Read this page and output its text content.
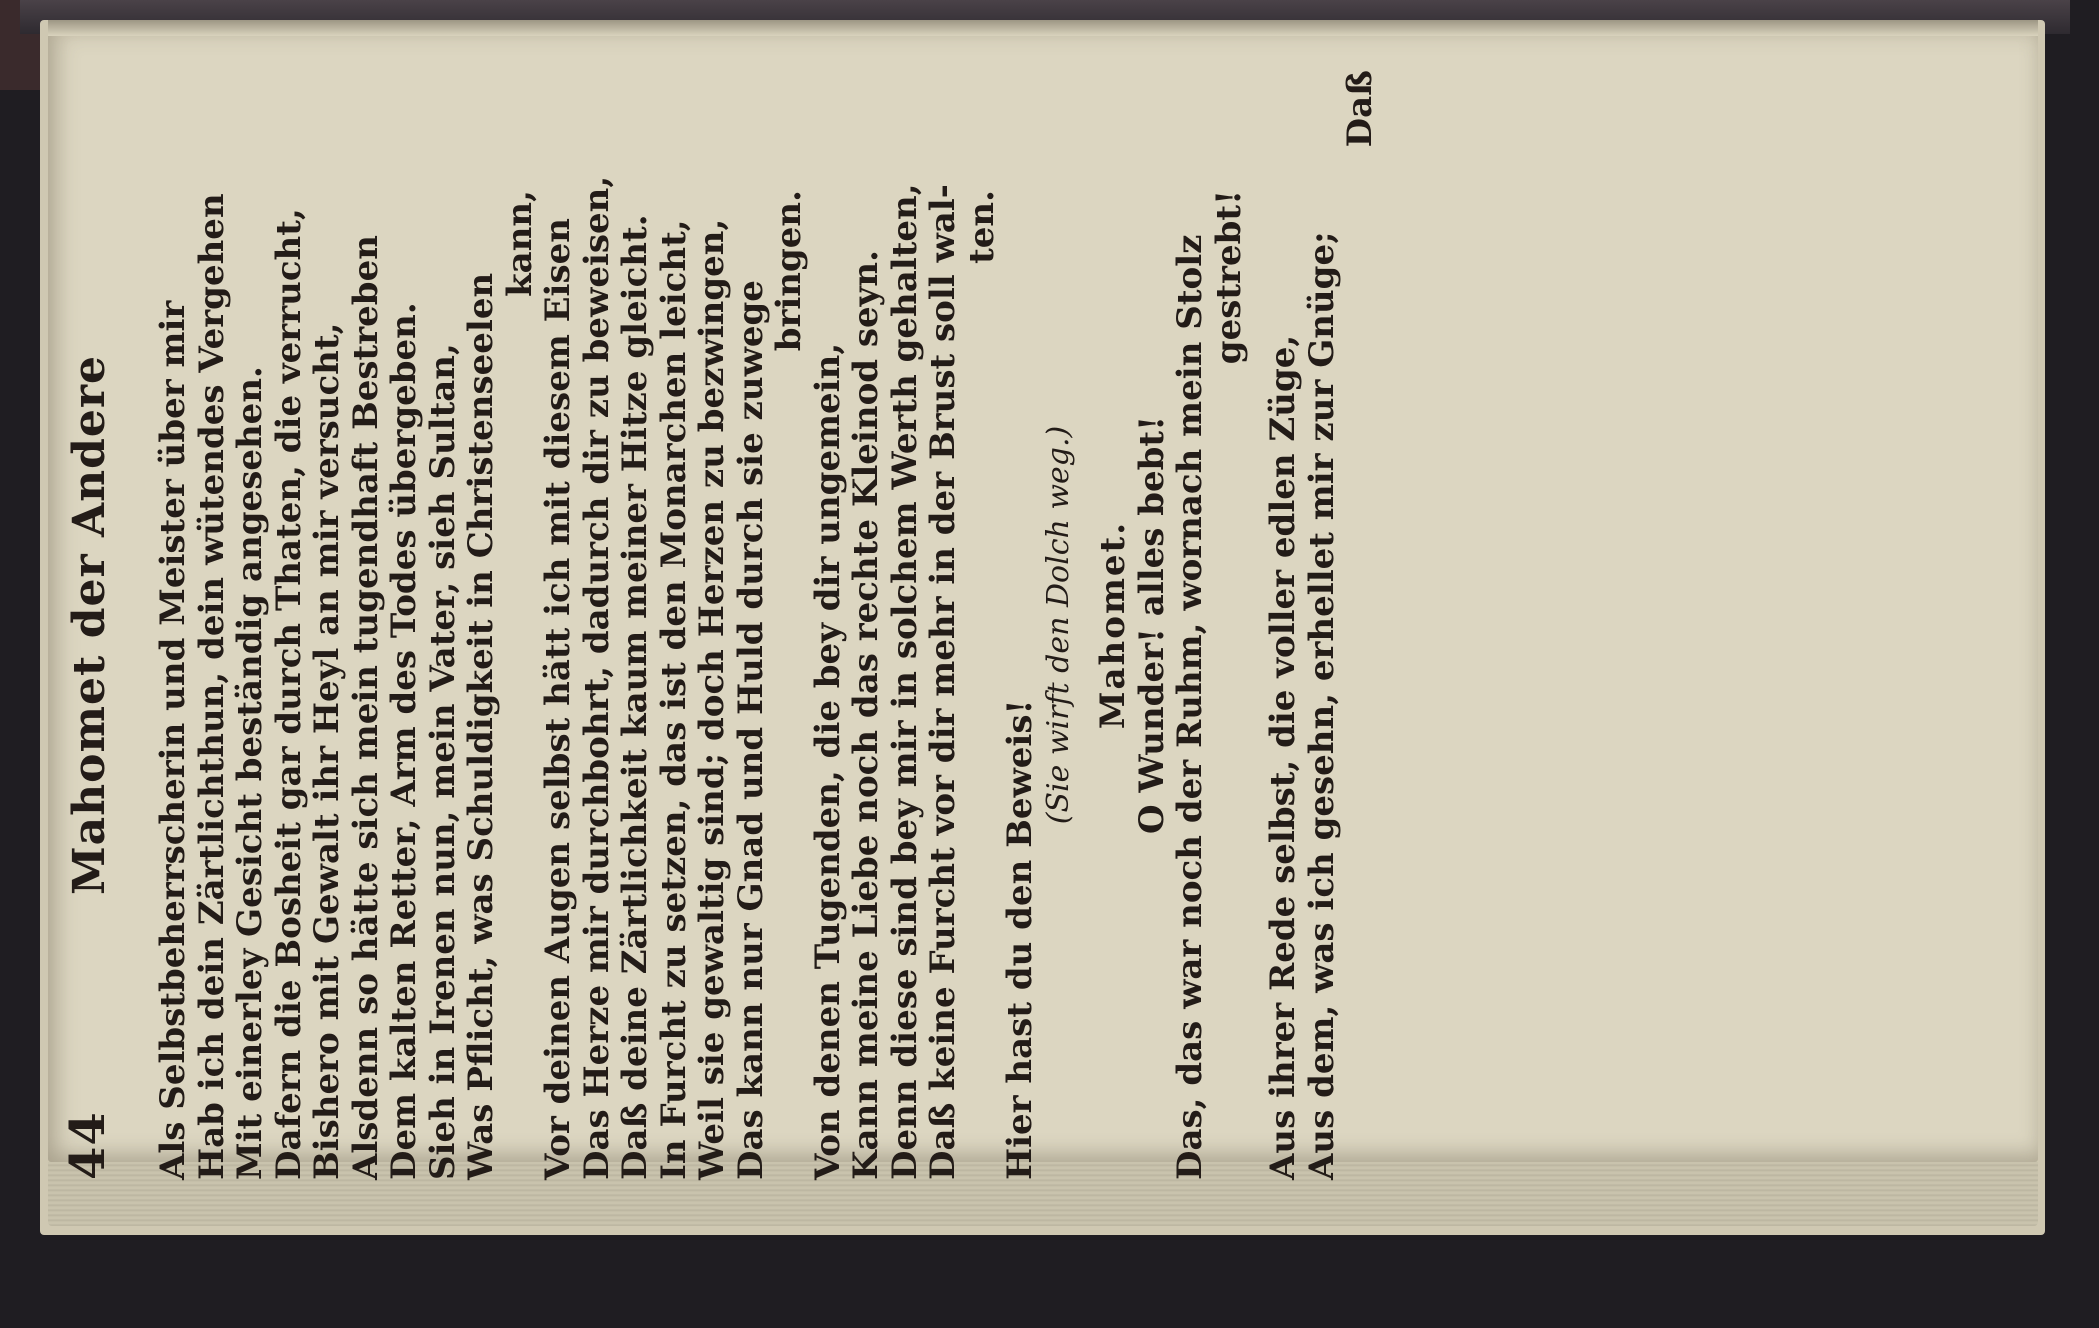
44
Mahomet der Andere Als Selbstbeherrscherin und Meister über mir
Hab ich dein Zärtlichthun, dein wütendes Vergehen
Mit einerley Gesicht beständig angesehen.
Dafern die Bosheit gar durch Thaten, die verrucht,
Bishero mit Gewalt ihr Heyl an mir versucht,
Alsdenn so hätte sich mein tugendhaft Bestreben
Dem kalten Retter, Arm des Todes übergeben.
Sieh in Irenen nun, mein Vater, sieh Sultan,
Was Pflicht, was Schuldigkeit in Christenseelen
kann,
Vor deinen Augen selbst hätt ich mit diesem Eisen
Das Herze mir durchbohrt, dadurch dir zu beweisen,
Daß deine Zärtlichkeit kaum meiner Hitze gleicht.
In Furcht zu setzen, das ist den Monarchen leicht,
Weil sie gewaltig sind; doch Herzen zu bezwingen,
Das kann nur Gnad und Huld durch sie zuwege
bringen.
Von denen Tugenden, die bey dir ungemein,
Kann meine Liebe noch das rechte Kleinod seyn.
Denn diese sind bey mir in solchem Werth gehalten,
Daß keine Furcht vor dir mehr in der Brust soll wal-
ten.
Hier hast du den Beweis!
(Sie wirft den Dolch weg.) Mahomet.
O Wunder! alles bebt!
Das, das war noch der Ruhm, wornach mein Stolz
gestrebt!
Aus ihrer Rede selbst, die voller edlen Züge,
Aus dem, was ich gesehn, erhellet mir zur Gnüge;
Daß
